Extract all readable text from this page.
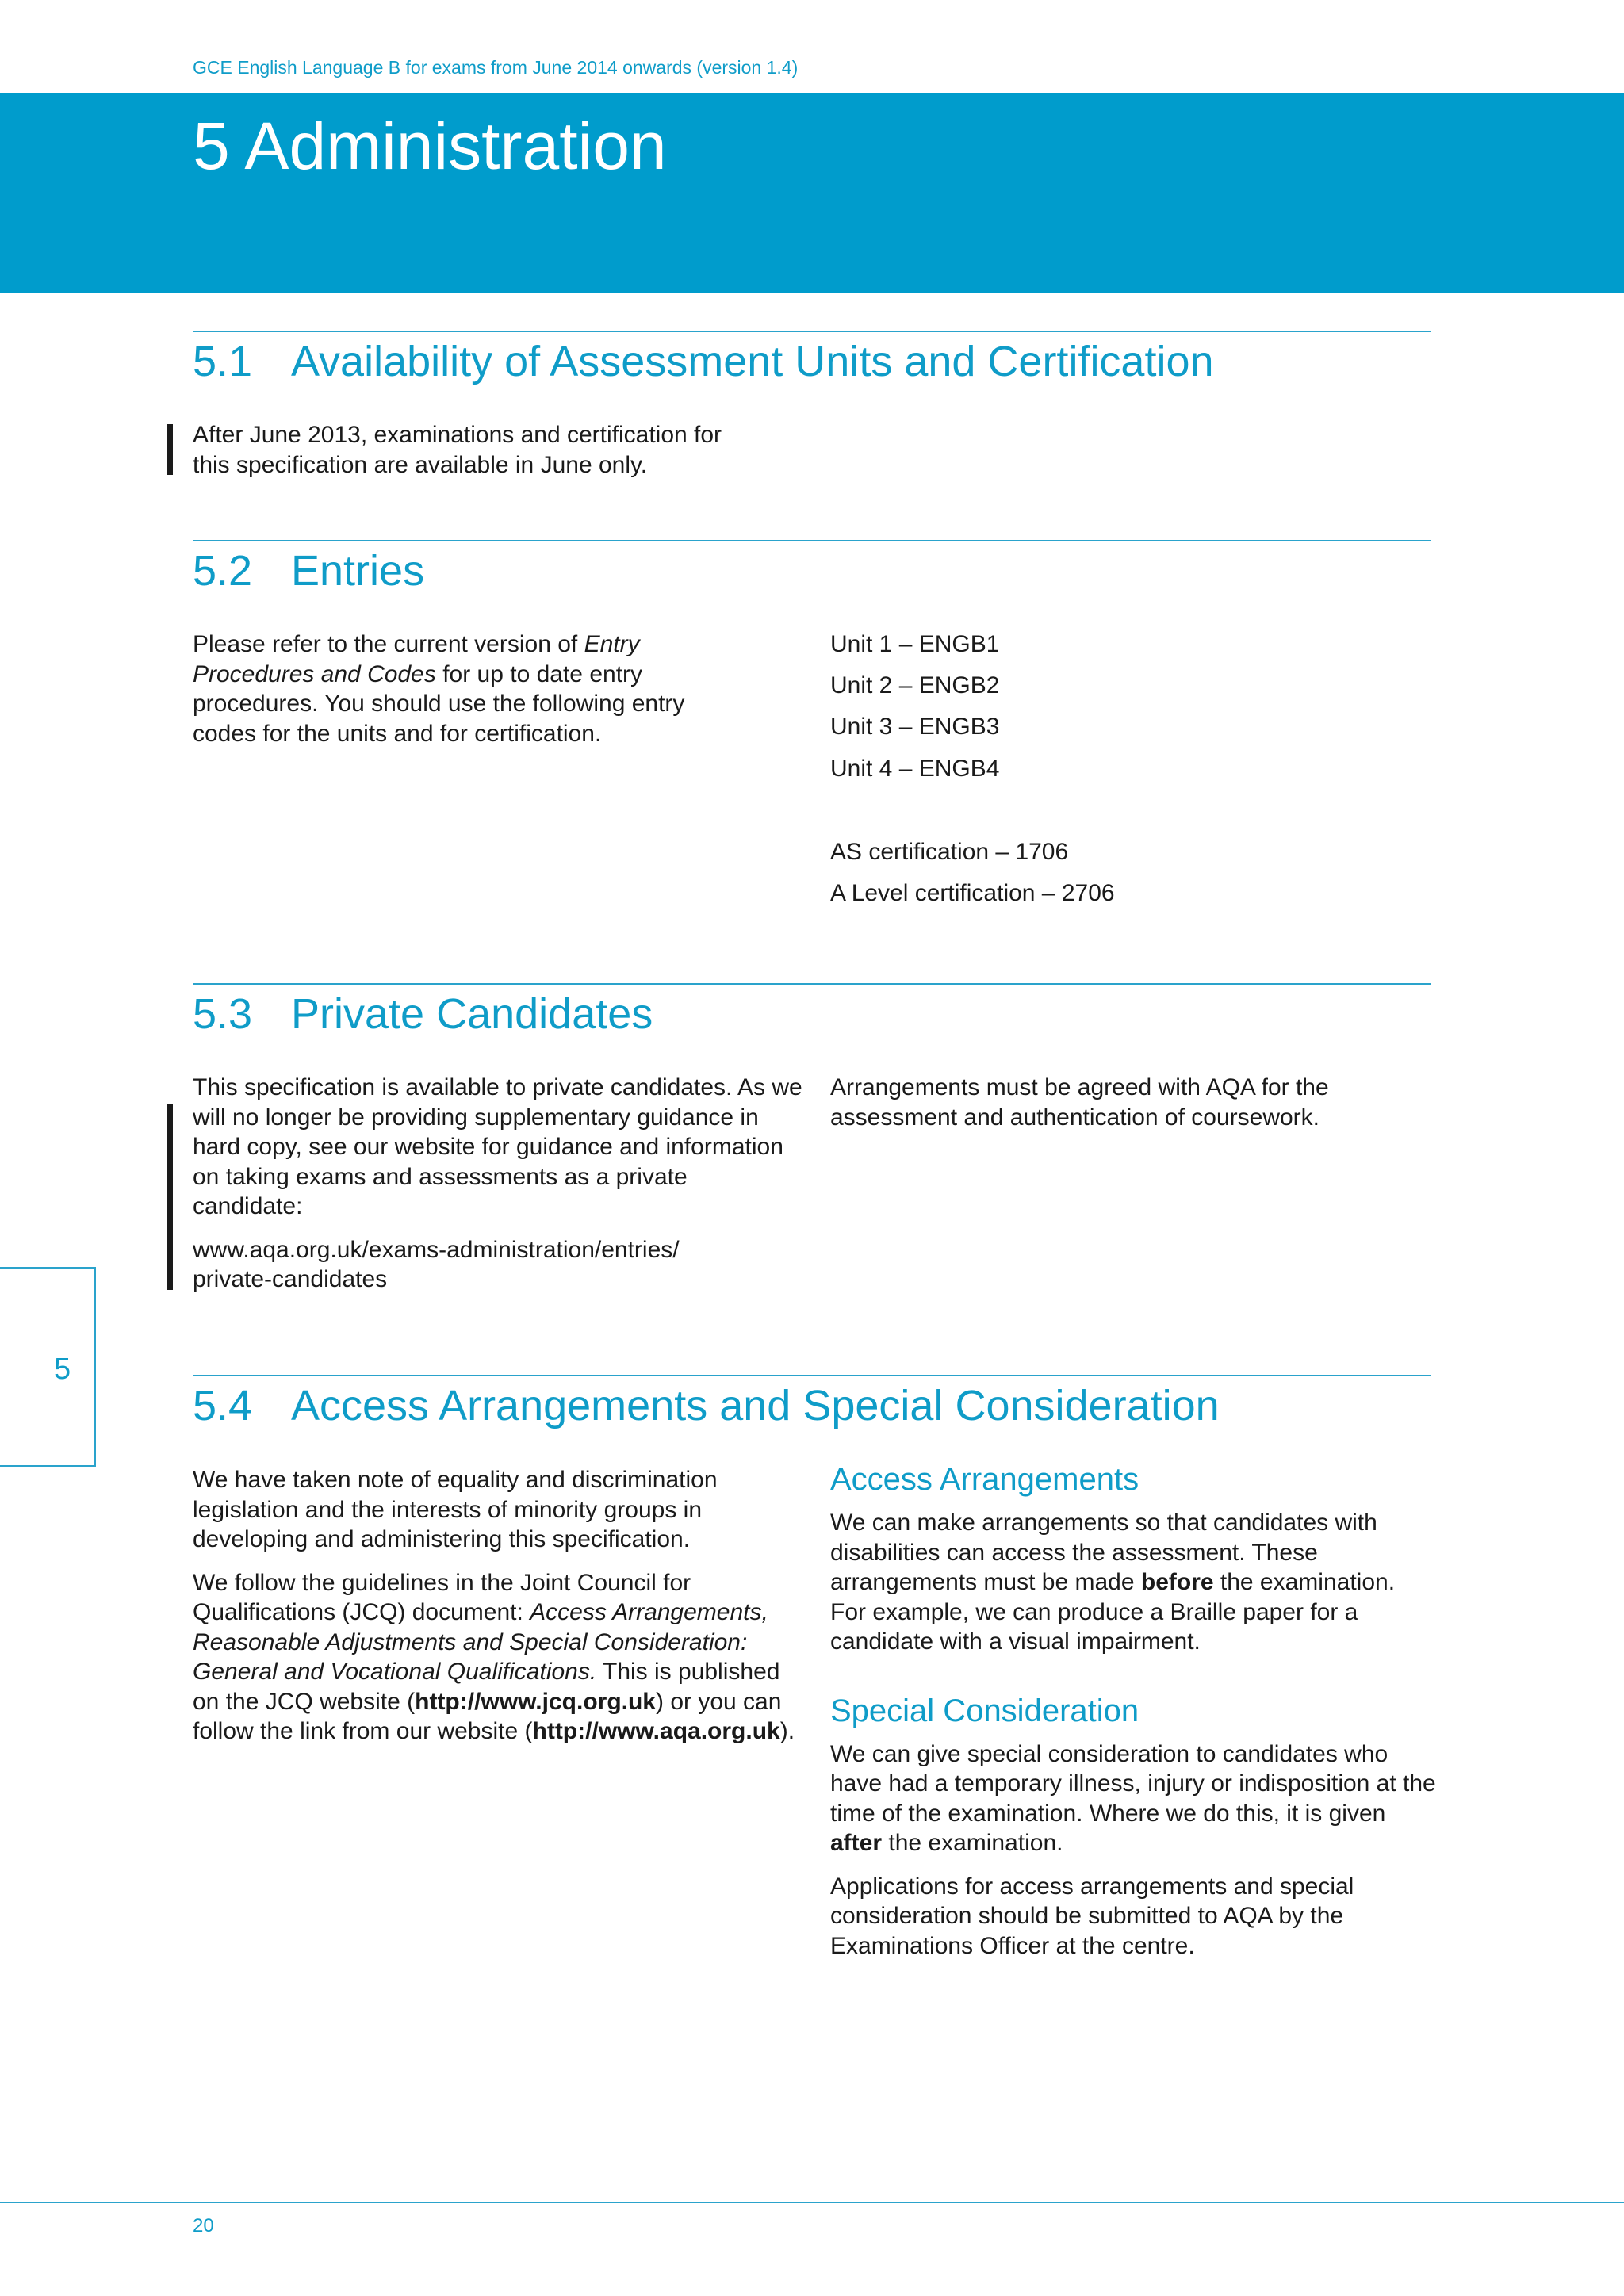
GCE English Language B for exams from June 2014 onwards (version 1.4)
5 Administration
5.1 Availability of Assessment Units and Certification
After June 2013, examinations and certification for
this specification are available in June only.
5.2 Entries
Please refer to the current version of Entry Procedures and Codes for up to date entry procedures. You should use the following entry codes for the units and for certification.
Unit 1 – ENGB1
Unit 2 – ENGB2
Unit 3 – ENGB3
Unit 4 – ENGB4
AS certification – 1706
A Level certification – 2706
5.3 Private Candidates

This specification is available to private candidates. As we will no longer be providing supplementary guidance in hard copy, see our website for guidance and information on taking exams and assessments as a private candidate:

www.aqa.org.uk/exams-administration/entries/
private-candidates
Arrangements must be agreed with AQA for the assessment and authentication of coursework.
5
5.4 Access Arrangements and Special Consideration

We have taken note of equality and discrimination legislation and the interests of minority groups in developing and administering this specification.

We follow the guidelines in the Joint Council for Qualifications (JCQ) document: Access Arrangements, Reasonable Adjustments and Special Consideration: General and Vocational Qualifications. This is published on the JCQ website (http://www.jcq.org.uk) or you can follow the link from our website (http://www.aqa.org.uk).

Access Arrangements

We can make arrangements so that candidates with disabilities can access the assessment. These arrangements must be made before the examination. For example, we can produce a Braille paper for a candidate with a visual impairment.

Special Consideration

We can give special consideration to candidates who have had a temporary illness, injury or indisposition at the time of the examination. Where we do this, it is given after the examination.

Applications for access arrangements and special consideration should be submitted to AQA by the Examinations Officer at the centre.

20
